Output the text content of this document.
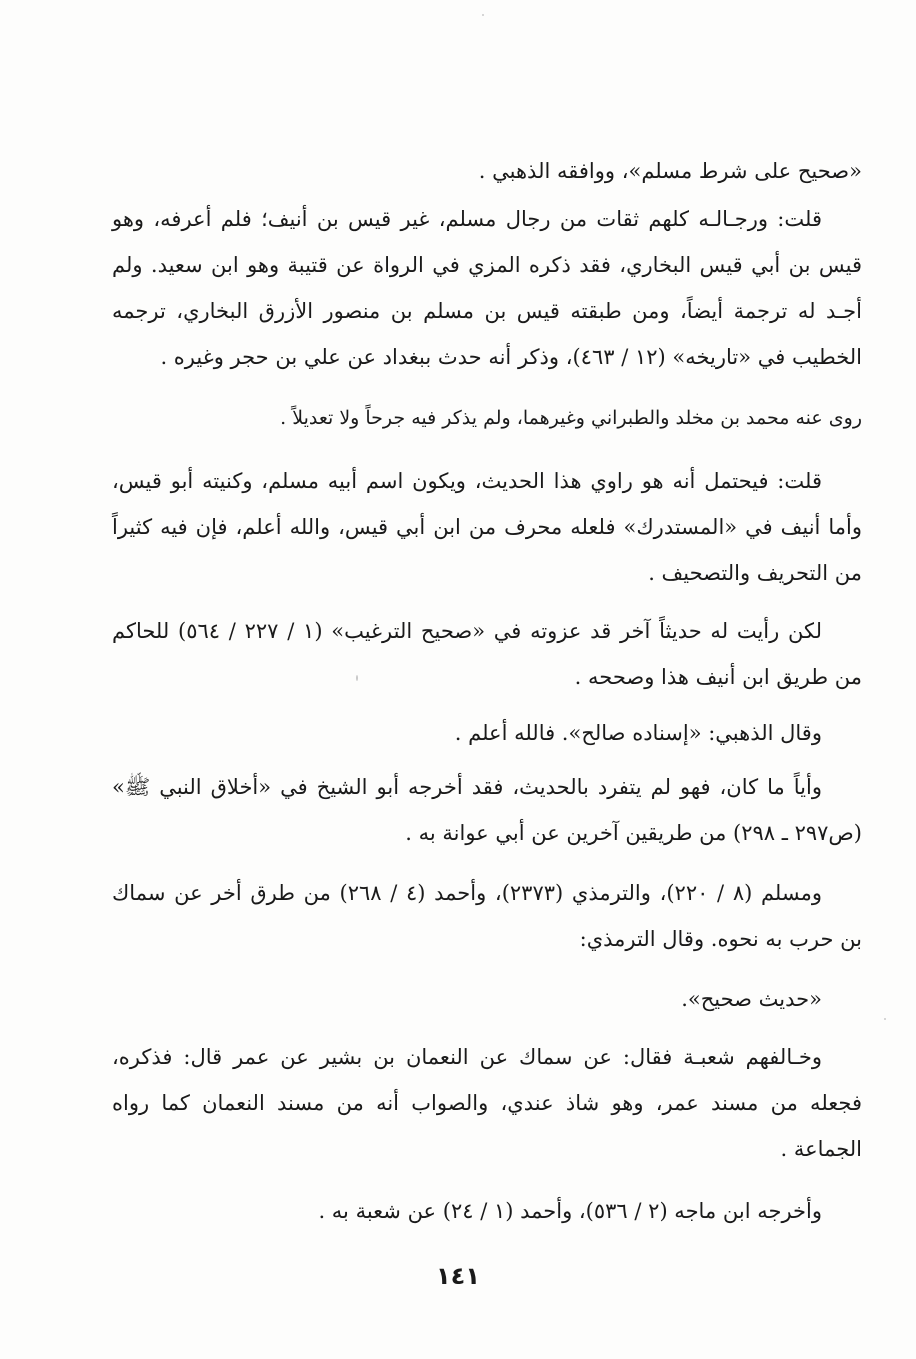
«صحيح على شرط مسلم»، ووافقه الذهبي .
قلت: ورجـالـه كلهم ثقات من رجال مسلم، غير قيس بن أنيف؛ فلم أعرفه، وهو قيس بن أبي قيس البخاري، فقد ذكره المزي في الرواة عن قتيبة وهو ابن سعيد. ولم أجـد له ترجمة أيضاً، ومن طبقته قيس بن مسلم بن منصور الأزرق البخاري، ترجمه الخطيب في «تاريخه» (١٢ / ٤٦٣)، وذكر أنه حدث ببغداد عن علي بن حجر وغيره .
روى عنه محمد بن مخلد والطبراني وغيرهما، ولم يذكر فيه جرحاً ولا تعديلاً .
قلت: فيحتمل أنه هو راوي هذا الحديث، ويكون اسم أبيه مسلم، وكنيته أبو قيس، وأما أنيف في «المستدرك» فلعله محرف من ابن أبي قيس، والله أعلم، فإن فيه كثيراً من التحريف والتصحيف .
لكن رأيت له حديثاً آخر قد عزوته في «صحيح الترغيب» (١ / ٢٢٧ / ٥٦٤) للحاكم من طريق ابن أنيف هذا وصححه .
وقال الذهبي: «إسناده صالح». فالله أعلم .
وأياً ما كان، فهو لم يتفرد بالحديث، فقد أخرجه أبو الشيخ في «أخلاق النبي ﷺ» (ص٢٩٧ ـ ٢٩٨) من طريقين آخرين عن أبي عوانة به .
ومسلم (٨ / ٢٢٠)، والترمذي (٢٣٧٣)، وأحمد (٤ / ٢٦٨) من طرق أخر عن سماك بن حرب به نحوه. وقال الترمذي:
«حديث صحيح».
وخـالفهم شعبـة فقال: عن سماك عن النعمان بن بشير عن عمر قال: فذكره، فجعله من مسند عمر، وهو شاذ عندي، والصواب أنه من مسند النعمان كما رواه الجماعة .
وأخرجه ابن ماجه (٢ / ٥٣٦)، وأحمد (١ / ٢٤) عن شعبة به .
١٤١
